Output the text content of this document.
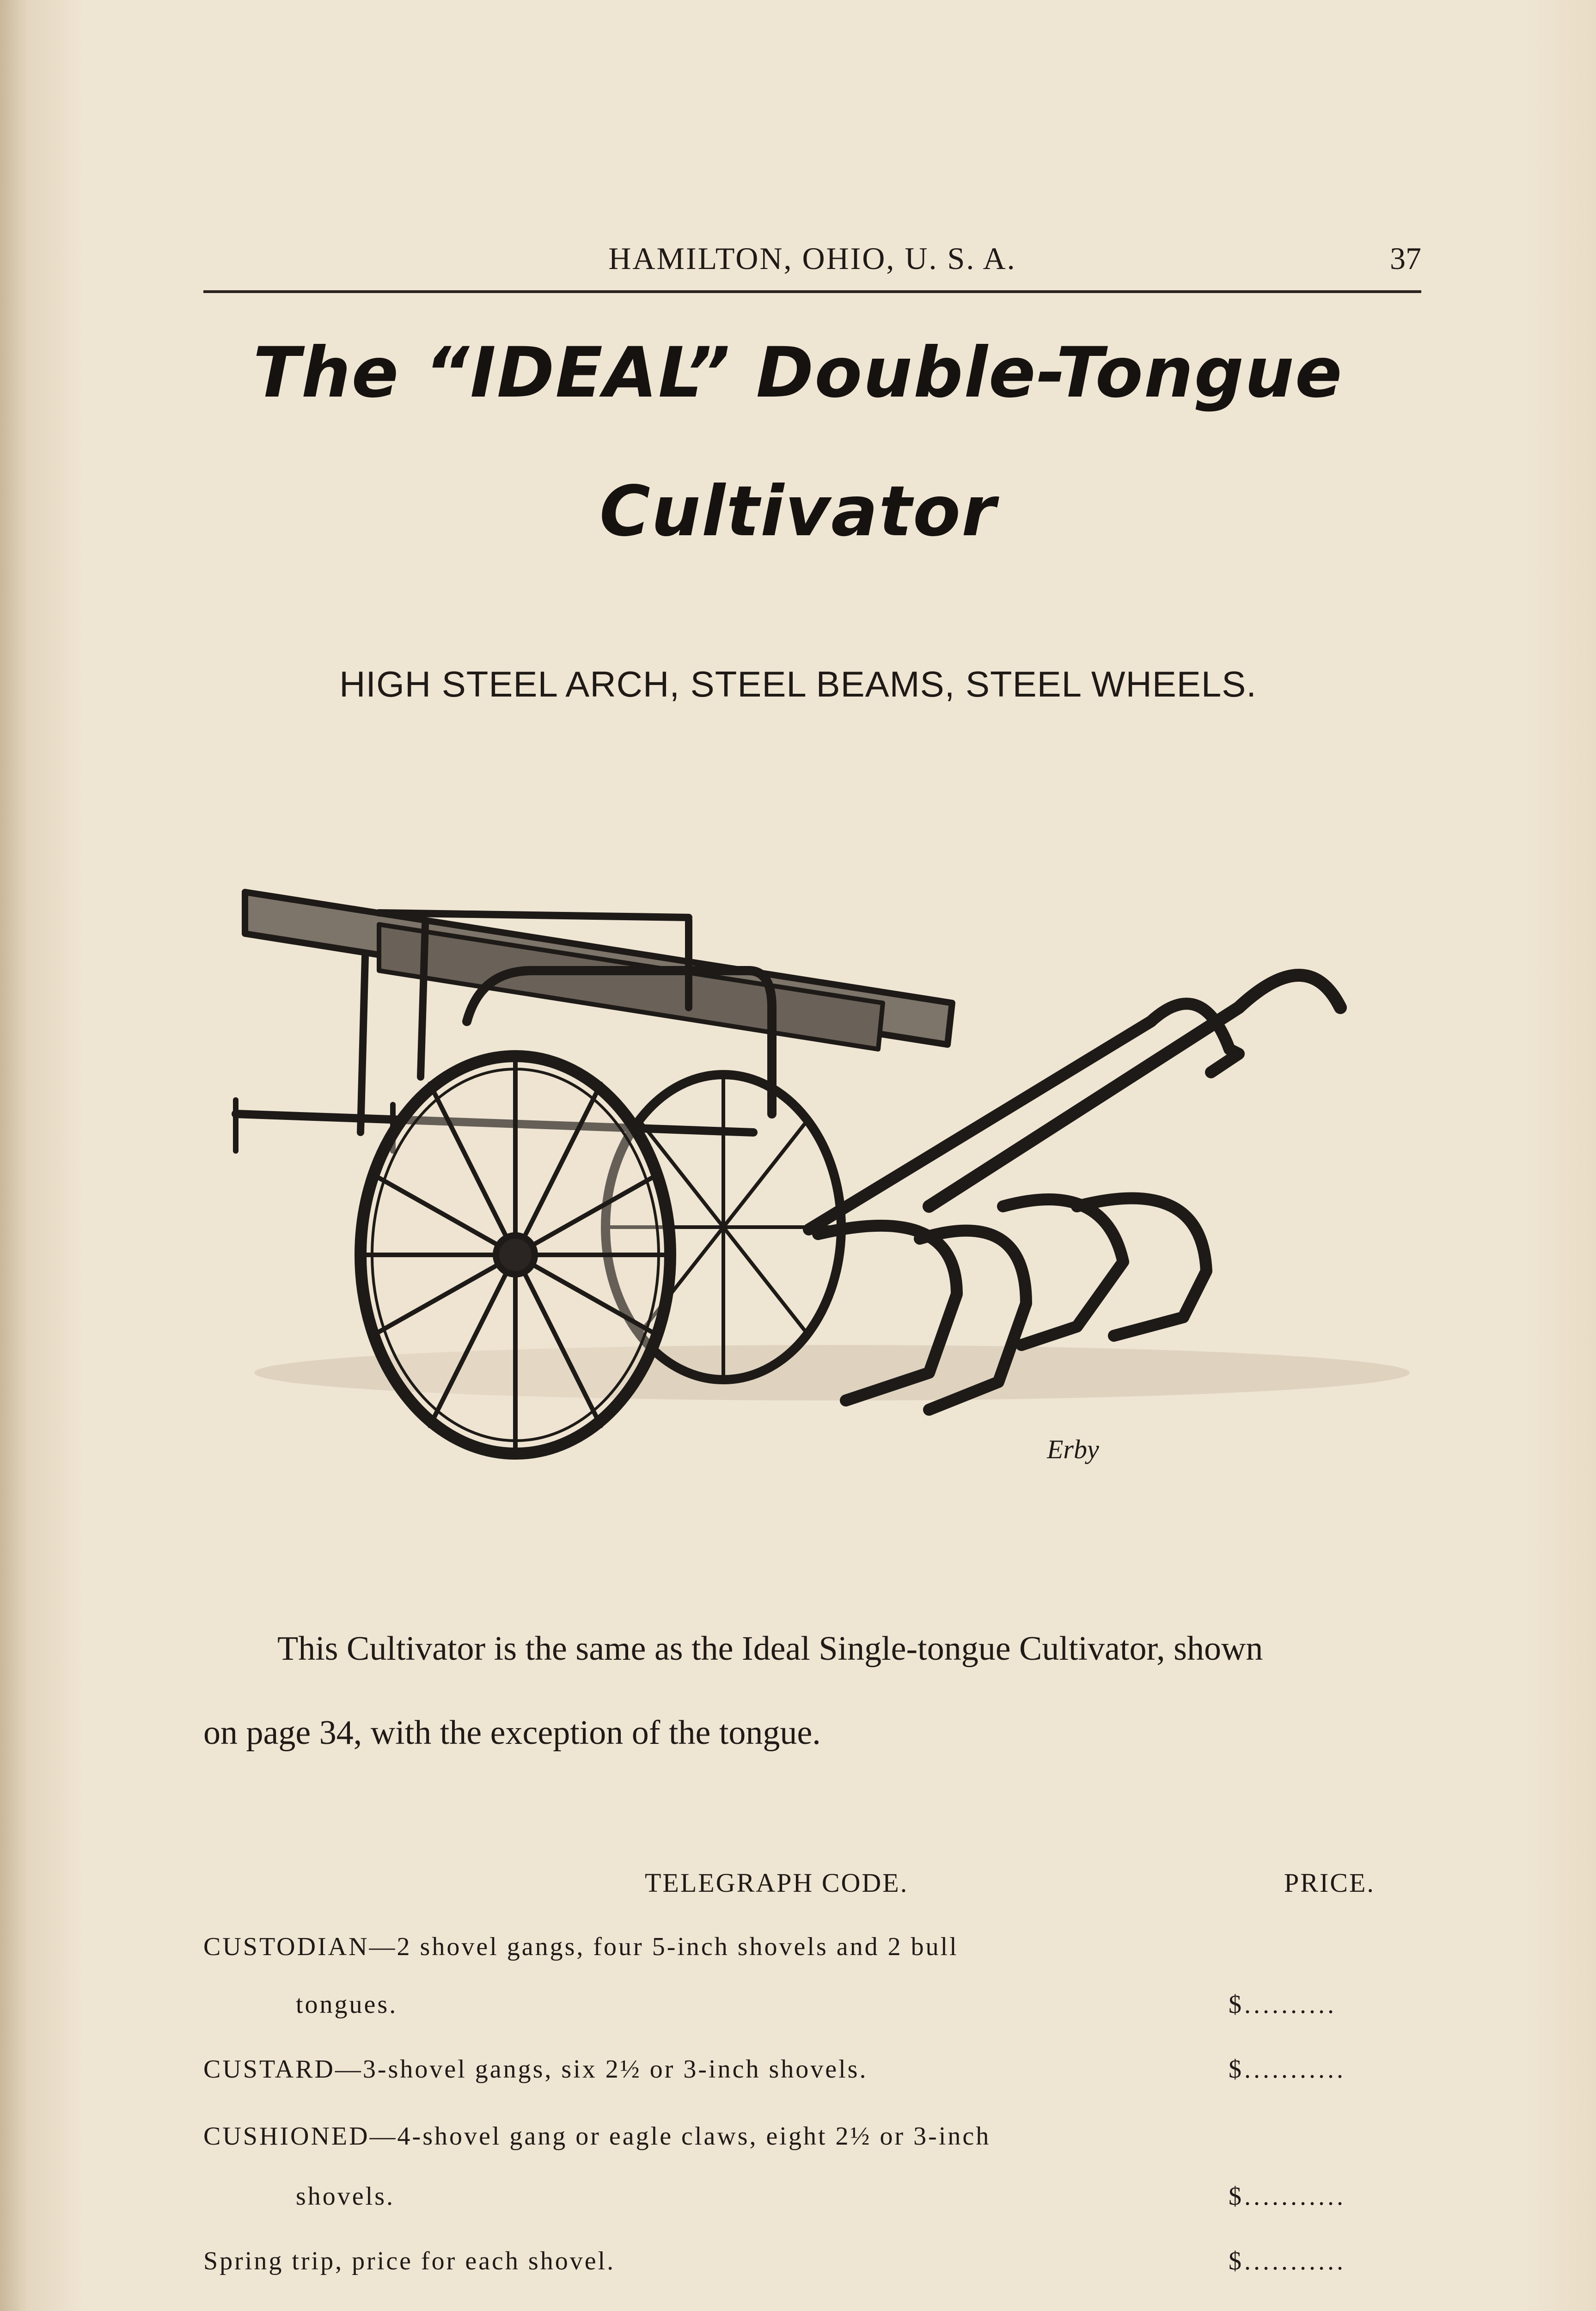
HAMILTON, OHIO, U. S. A.	37
The “IDEAL” Double-Tongue
Cultivator
HIGH STEEL ARCH, STEEL BEAMS, STEEL WHEELS.
Erby
This Cultivator is the same as the Ideal Single-tongue Cultivator, shown
on page 34, with the exception of the tongue.
TELEGRAPH CODE.	PRICE.
CUSTODIAN—2 shovel gangs, four 5-inch shovels and 2 bull
tongues.	$..........
CUSTARD—3-shovel gangs, six 2½ or 3-inch shovels.	$...........
CUSHIONED—4-shovel gang or eagle claws, eight 2½ or 3-inch
shovels.	$...........
Spring trip, price for each shovel.	$...........
